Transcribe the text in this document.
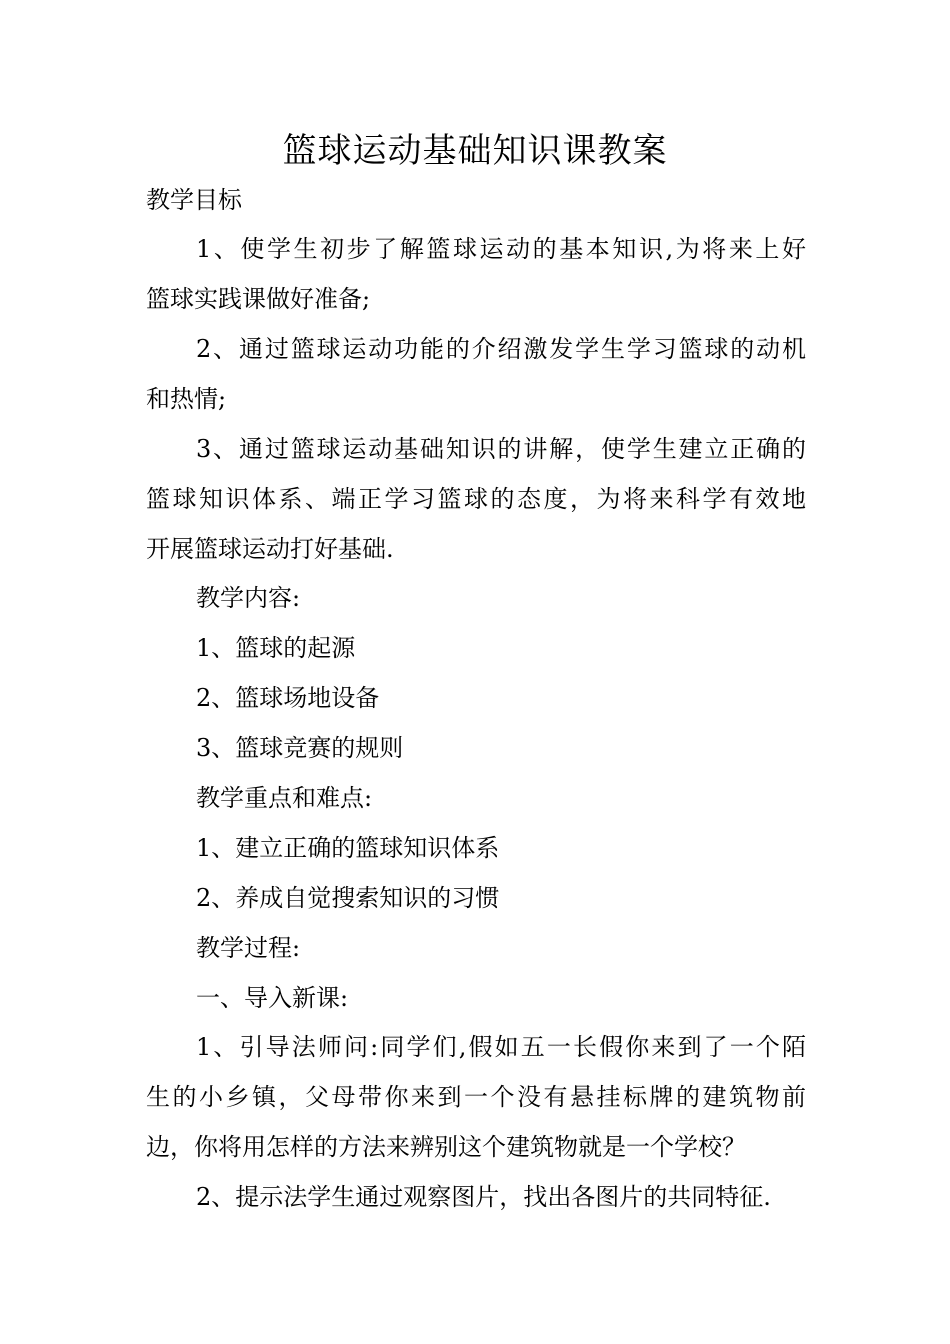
篮球运动基础知识课教案
教学目标
1、使学生初步了解篮球运动的基本知识,为将来上好
篮球实践课做好准备;
2、通过篮球运动功能的介绍激发学生学习篮球的动机
和热情;
3、通过篮球运动基础知识的讲解，使学生建立正确的
篮球知识体系、端正学习篮球的态度，为将来科学有效地
开展篮球运动打好基础.
教学内容:
1、篮球的起源
2、篮球场地设备
3、篮球竞赛的规则
教学重点和难点:
1、建立正确的篮球知识体系
2、养成自觉搜索知识的习惯
教学过程:
一、导入新课:
1、引导法师问:同学们,假如五一长假你来到了一个陌
生的小乡镇，父母带你来到一个没有悬挂标牌的建筑物前
边，你将用怎样的方法来辨别这个建筑物就是一个学校？
2、提示法学生通过观察图片，找出各图片的共同特征.
